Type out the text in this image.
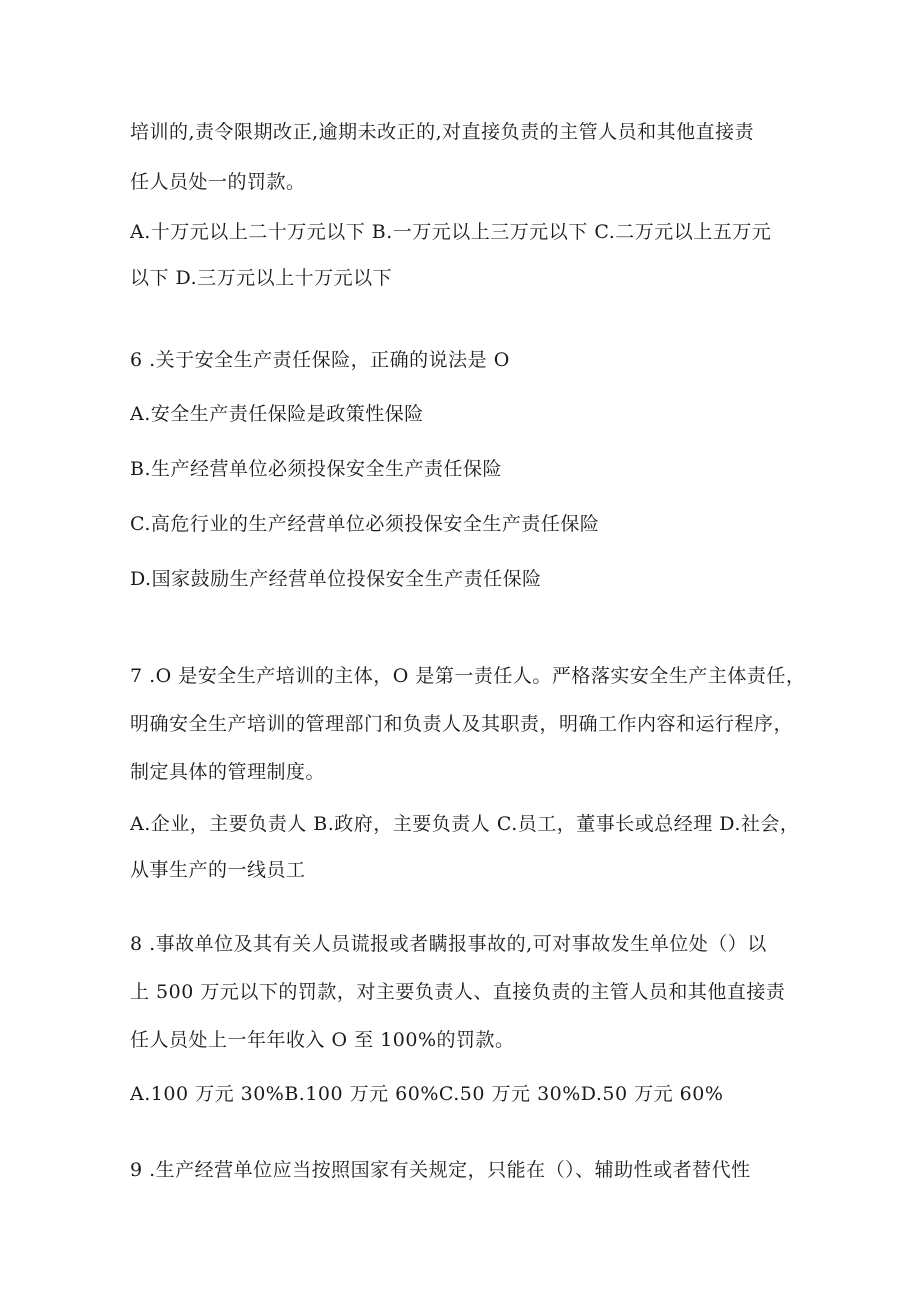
培训的,责令限期改正,逾期未改正的,对直接负责的主管人员和其他直接责
任人员处一的罚款。
A.十万元以上二十万元以下 B.一万元以上三万元以下 C.二万元以上五万元
以下 D.三万元以上十万元以下
6 .关于安全生产责任保险，正确的说法是 O
A.安全生产责任保险是政策性保险
B.生产经营单位必须投保安全生产责任保险
C.高危行业的生产经营单位必须投保安全生产责任保险
D.国家鼓励生产经营单位投保安全生产责任保险
7 .O 是安全生产培训的主体，O 是第一责任人。严格落实安全生产主体责任，
明确安全生产培训的管理部门和负责人及其职责，明确工作内容和运行程序，
制定具体的管理制度。
A.企业，主要负责人 B.政府，主要负责人 C.员工，董事长或总经理 D.社会，
从事生产的一线员工
8 .事故单位及其有关人员谎报或者瞒报事故的,可对事故发生单位处（）以
上 500 万元以下的罚款，对主要负责人、直接负责的主管人员和其他直接责
任人员处上一年年收入 O 至 100%的罚款。
A.100 万元 30%B.100 万元 60%C.50 万元 30%D.50 万元 60%
9 .生产经营单位应当按照国家有关规定，只能在（）、辅助性或者替代性
